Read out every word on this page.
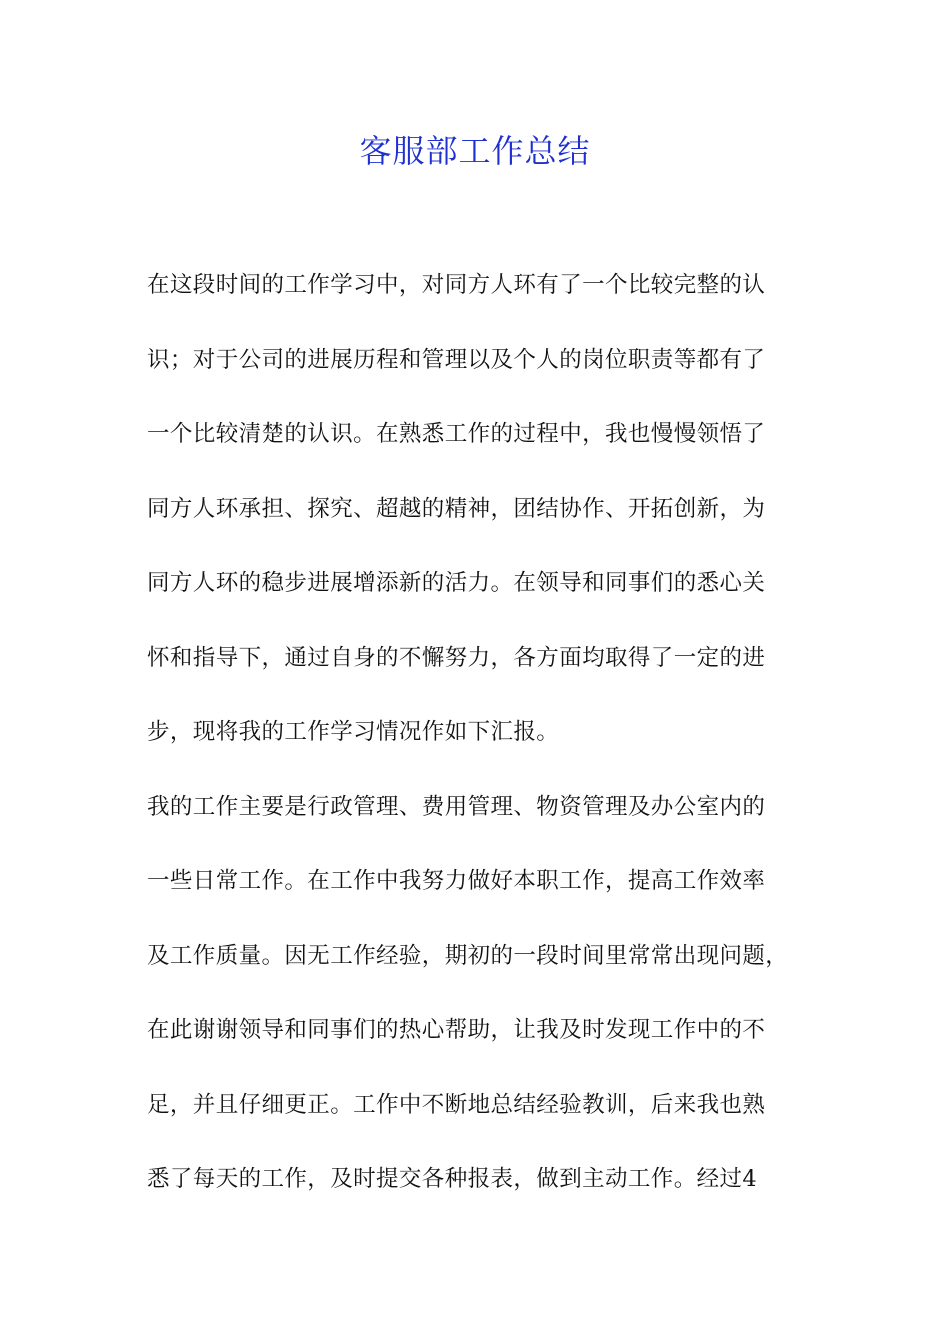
客服部工作总结
在这段时间的工作学习中，对同方人环有了一个比较完整的认
识；对于公司的进展历程和管理以及个人的岗位职责等都有了
一个比较清楚的认识。在熟悉工作的过程中，我也慢慢领悟了
同方人环承担、探究、超越的精神，团结协作、开拓创新，为
同方人环的稳步进展增添新的活力。在领导和同事们的悉心关
怀和指导下，通过自身的不懈努力，各方面均取得了一定的进
步，现将我的工作学习情况作如下汇报。
我的工作主要是行政管理、费用管理、物资管理及办公室内的
一些日常工作。在工作中我努力做好本职工作，提高工作效率
及工作质量。因无工作经验，期初的一段时间里常常出现问题，
在此谢谢领导和同事们的热心帮助，让我及时发现工作中的不
足，并且仔细更正。工作中不断地总结经验教训，后来我也熟
悉了每天的工作，及时提交各种报表，做到主动工作。经过4
